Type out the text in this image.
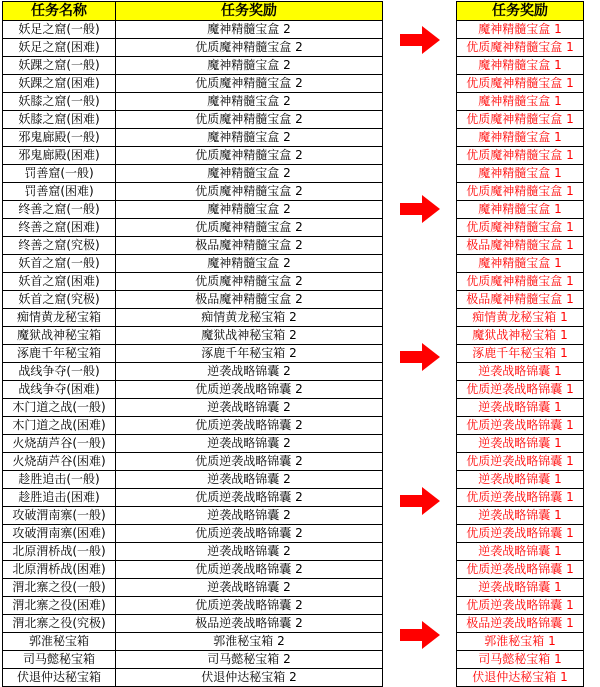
任务名称	任务奖励
妖足之窟(一般)	魔神精髓宝盒 2
妖足之窟(困难)	优质魔神精髓宝盒 2
妖踝之窟(一般)	魔神精髓宝盒 2
妖踝之窟(困难)	优质魔神精髓宝盒 2
妖膝之窟(一般)	魔神精髓宝盒 2
妖膝之窟(困难)	优质魔神精髓宝盒 2
邪鬼廊殿(一般)	魔神精髓宝盒 2
邪鬼廊殿(困难)	优质魔神精髓宝盒 2
罚善窟(一般)	魔神精髓宝盒 2
罚善窟(困难)	优质魔神精髓宝盒 2
终善之窟(一般)	魔神精髓宝盒 2
终善之窟(困难)	优质魔神精髓宝盒 2
终善之窟(究极)	极品魔神精髓宝盒 2
妖首之窟(一般)	魔神精髓宝盒 2
妖首之窟(困难)	优质魔神精髓宝盒 2
妖首之窟(究极)	极品魔神精髓宝盒 2
痴情黄龙秘宝箱	痴情黄龙秘宝箱 2
魔狱战神秘宝箱	魔狱战神秘宝箱 2
涿鹿千年秘宝箱	涿鹿千年秘宝箱 2
战线争夺(一般)	逆袭战略锦囊 2
战线争夺(困难)	优质逆袭战略锦囊 2
木门道之战(一般)	逆袭战略锦囊 2
木门道之战(困难)	优质逆袭战略锦囊 2
火烧葫芦谷(一般)	逆袭战略锦囊 2
火烧葫芦谷(困难)	优质逆袭战略锦囊 2
趁胜追击(一般)	逆袭战略锦囊 2
趁胜追击(困难)	优质逆袭战略锦囊 2
攻破渭南寨(一般)	逆袭战略锦囊 2
攻破渭南寨(困难)	优质逆袭战略锦囊 2
北原渭桥战(一般)	逆袭战略锦囊 2
北原渭桥战(困难)	优质逆袭战略锦囊 2
渭北寨之役(一般)	逆袭战略锦囊 2
渭北寨之役(困难)	优质逆袭战略锦囊 2
渭北寨之役(究极)	极品逆袭战略锦囊 2
郭淮秘宝箱	郭淮秘宝箱 2
司马懿秘宝箱	司马懿秘宝箱 2
伏退仲达秘宝箱	伏退仲达秘宝箱 2
任务奖励
魔神精髓宝盒 1
优质魔神精髓宝盒 1
魔神精髓宝盒 1
优质魔神精髓宝盒 1
魔神精髓宝盒 1
优质魔神精髓宝盒 1
魔神精髓宝盒 1
优质魔神精髓宝盒 1
魔神精髓宝盒 1
优质魔神精髓宝盒 1
魔神精髓宝盒 1
优质魔神精髓宝盒 1
极品魔神精髓宝盒 1
魔神精髓宝盒 1
优质魔神精髓宝盒 1
极品魔神精髓宝盒 1
痴情黄龙秘宝箱 1
魔狱战神秘宝箱 1
涿鹿千年秘宝箱 1
逆袭战略锦囊 1
优质逆袭战略锦囊 1
逆袭战略锦囊 1
优质逆袭战略锦囊 1
逆袭战略锦囊 1
优质逆袭战略锦囊 1
逆袭战略锦囊 1
优质逆袭战略锦囊 1
逆袭战略锦囊 1
优质逆袭战略锦囊 1
逆袭战略锦囊 1
优质逆袭战略锦囊 1
逆袭战略锦囊 1
优质逆袭战略锦囊 1
极品逆袭战略锦囊 1
郭淮秘宝箱 1
司马懿秘宝箱 1
伏退仲达秘宝箱 1
